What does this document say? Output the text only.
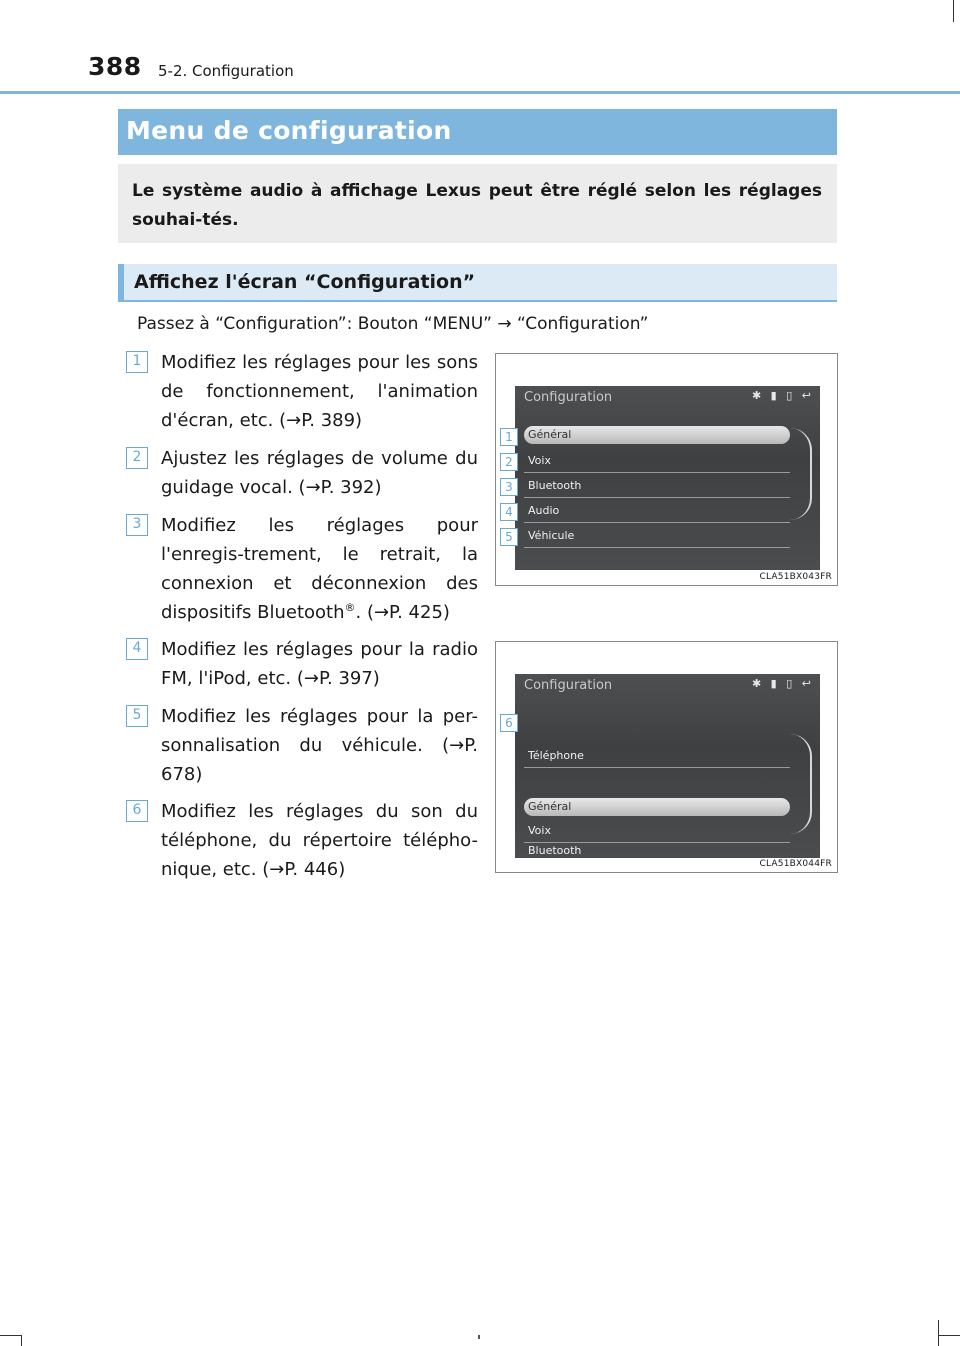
388 5-2. Configuration
Menu de configuration

Le système audio à affichage Lexus peut être réglé selon les réglages souhai-tés.

Affichez l'écran “Configuration”
Passez à “Configuration”: Bouton “MENU” → “Configuration”
1	Modifiez les réglages pour les sons de fonctionnement, l'animation d'écran, etc. (→P. 389)

2	Ajustez les réglages de volume du guidage vocal. (→P. 392)

3	Modifiez les réglages pour l'enregis-trement, le retrait, la connexion et déconnexion des dispositifs Bluetooth®. (→P. 425)

4	Modifiez les réglages pour la radio FM, l'iPod, etc. (→P. 397)

5	Modifiez les réglages pour la per-sonnalisation du véhicule. (→P. 678)

6	Modifiez les réglages du son du téléphone, du répertoire télépho-nique, etc. (→P. 446)

Configuration	✱ ▮ ▯ ↩
Général
Voix
Bluetooth
Audio
Véhicule
1
2
3
4
5
CLA51BX043FR
Configuration	✱ ▮ ▯ ↩
Téléphone
Général
Voix
Bluetooth
6
CLA51BX044FR
